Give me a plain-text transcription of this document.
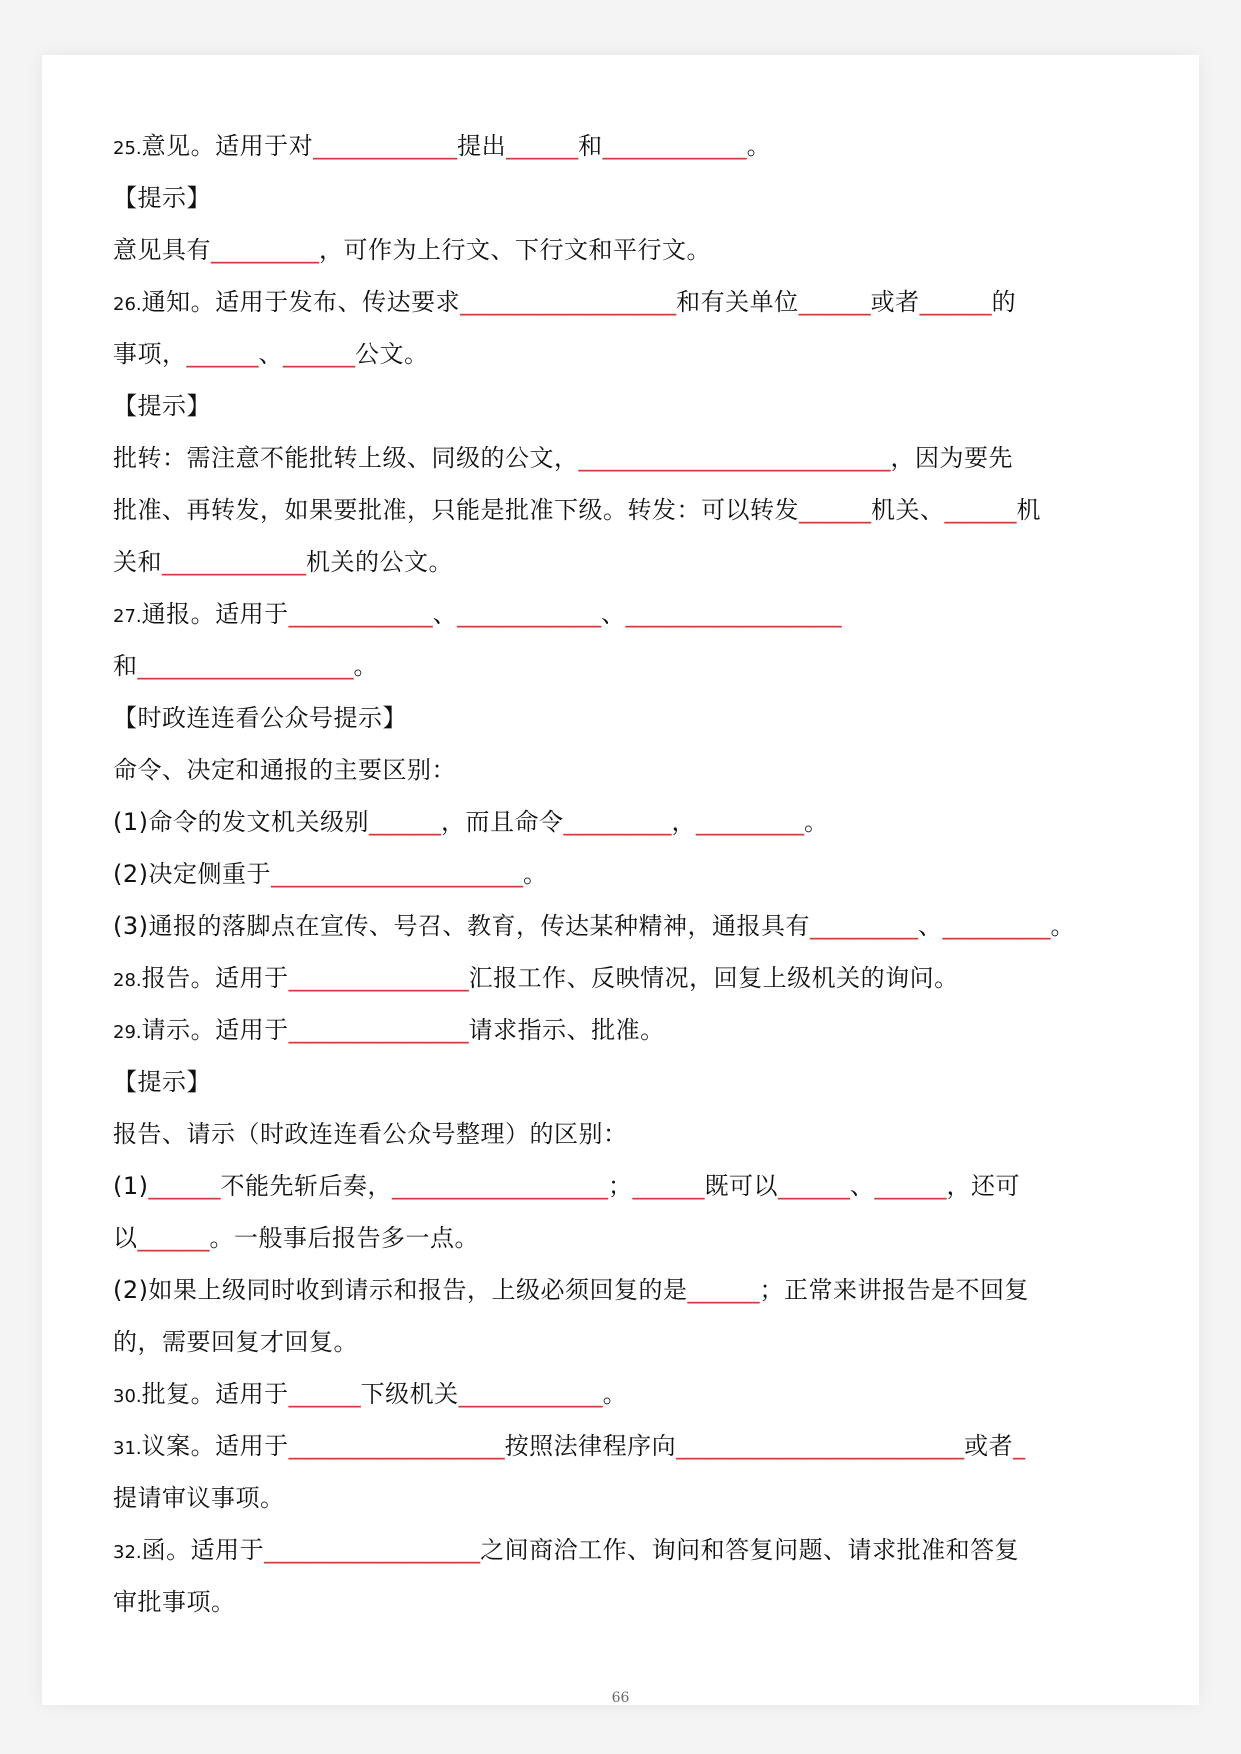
25.意见。适用于对____________提出______和____________。
【提示】
意见具有_________，可作为上行文、下行文和平行文。
26.通知。适用于发布、传达要求__________________和有关单位______或者______的
事项，______、______公文。
【提示】
批转：需注意不能批转上级、同级的公文，__________________________，因为要先
批准、再转发，如果要批准，只能是批准下级。转发：可以转发______机关、______机
关和____________机关的公文。
27.通报。适用于____________、____________、__________________
和__________________。
【时政连连看公众号提示】
命令、决定和通报的主要区别：
(1)命令的发文机关级别______，而且命令_________，_________。
(2)决定侧重于_____________________。
(3)通报的落脚点在宣传、号召、教育，传达某种精神，通报具有_________、_________。
28.报告。适用于_______________汇报工作、反映情况，回复上级机关的询问。
29.请示。适用于_______________请求指示、批准。
【提示】
报告、请示（时政连连看公众号整理）的区别：
(1)______不能先斩后奏，__________________；______既可以______、______，还可
以______。一般事后报告多一点。
(2)如果上级同时收到请示和报告，上级必须回复的是______；正常来讲报告是不回复
的，需要回复才回复。
30.批复。适用于______下级机关____________。
31.议案。适用于__________________按照法律程序向________________________或者_
提请审议事项。
32.函。适用于__________________之间商洽工作、询问和答复问题、请求批准和答复
审批事项。
66
